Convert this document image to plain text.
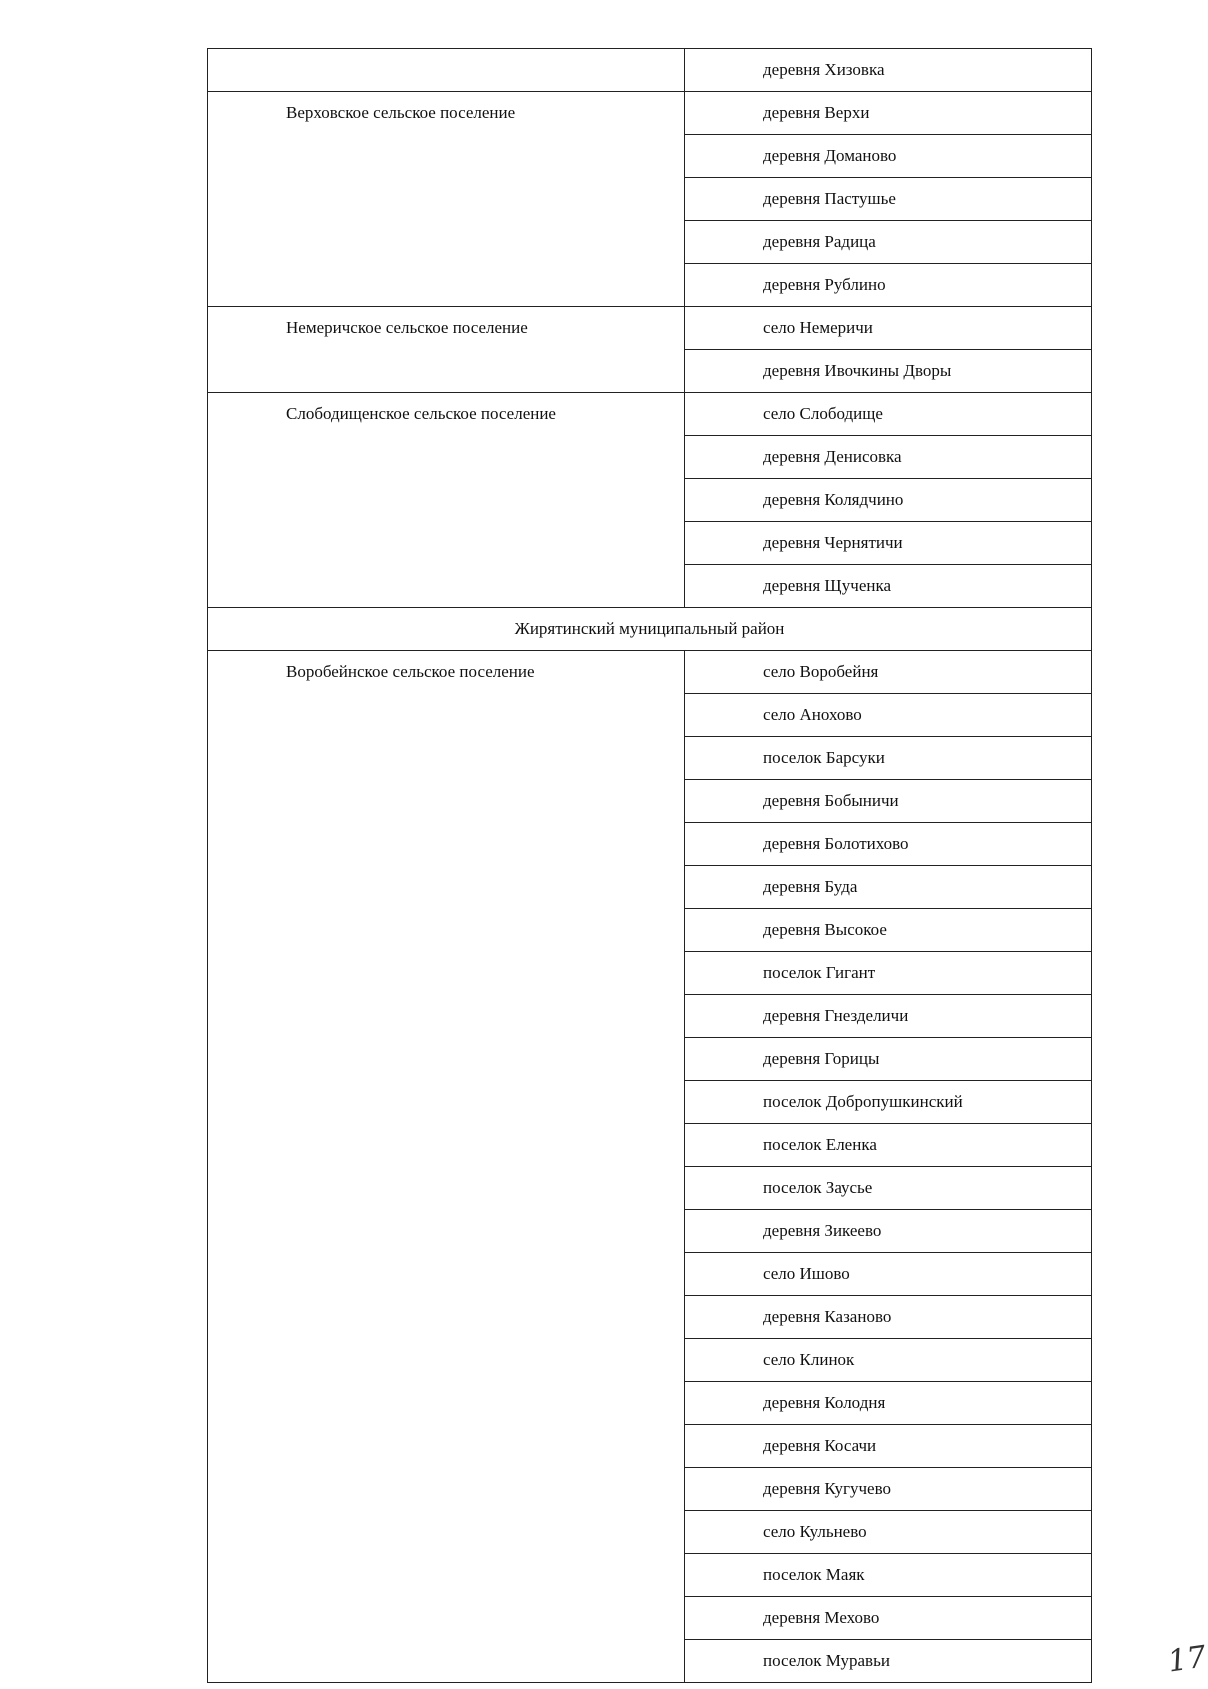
	деревня Хизовка
Верховское сельское поселение	деревня Верхи
	деревня Доманово
	деревня Пастушье
	деревня Радица
	деревня Рублино
Немеричское сельское поселение	село Немеричи
	деревня Ивочкины Дворы
Слободищенское сельское поселение	село Слободище
	деревня Денисовка
	деревня Колядчино
	деревня Чернятичи
	деревня Щученка
Жирятинский муниципальный район	
Воробейнское сельское поселение	село Воробейня
	село Анохово
	поселок Барсуки
	деревня Бобыничи
	деревня Болотихово
	деревня Буда
	деревня Высокое
	поселок Гигант
	деревня Гнезделичи
	деревня Горицы
	поселок Добропушкинский
	поселок Еленка
	поселок Заусье
	деревня Зикеево
	село Ишово
	деревня Казаново
	село Клинок
	деревня Колодня
	деревня Косачи
	деревня Кугучево
	село Кульнево
	поселок Маяк
	деревня Мехово
	поселок Муравьи	17
